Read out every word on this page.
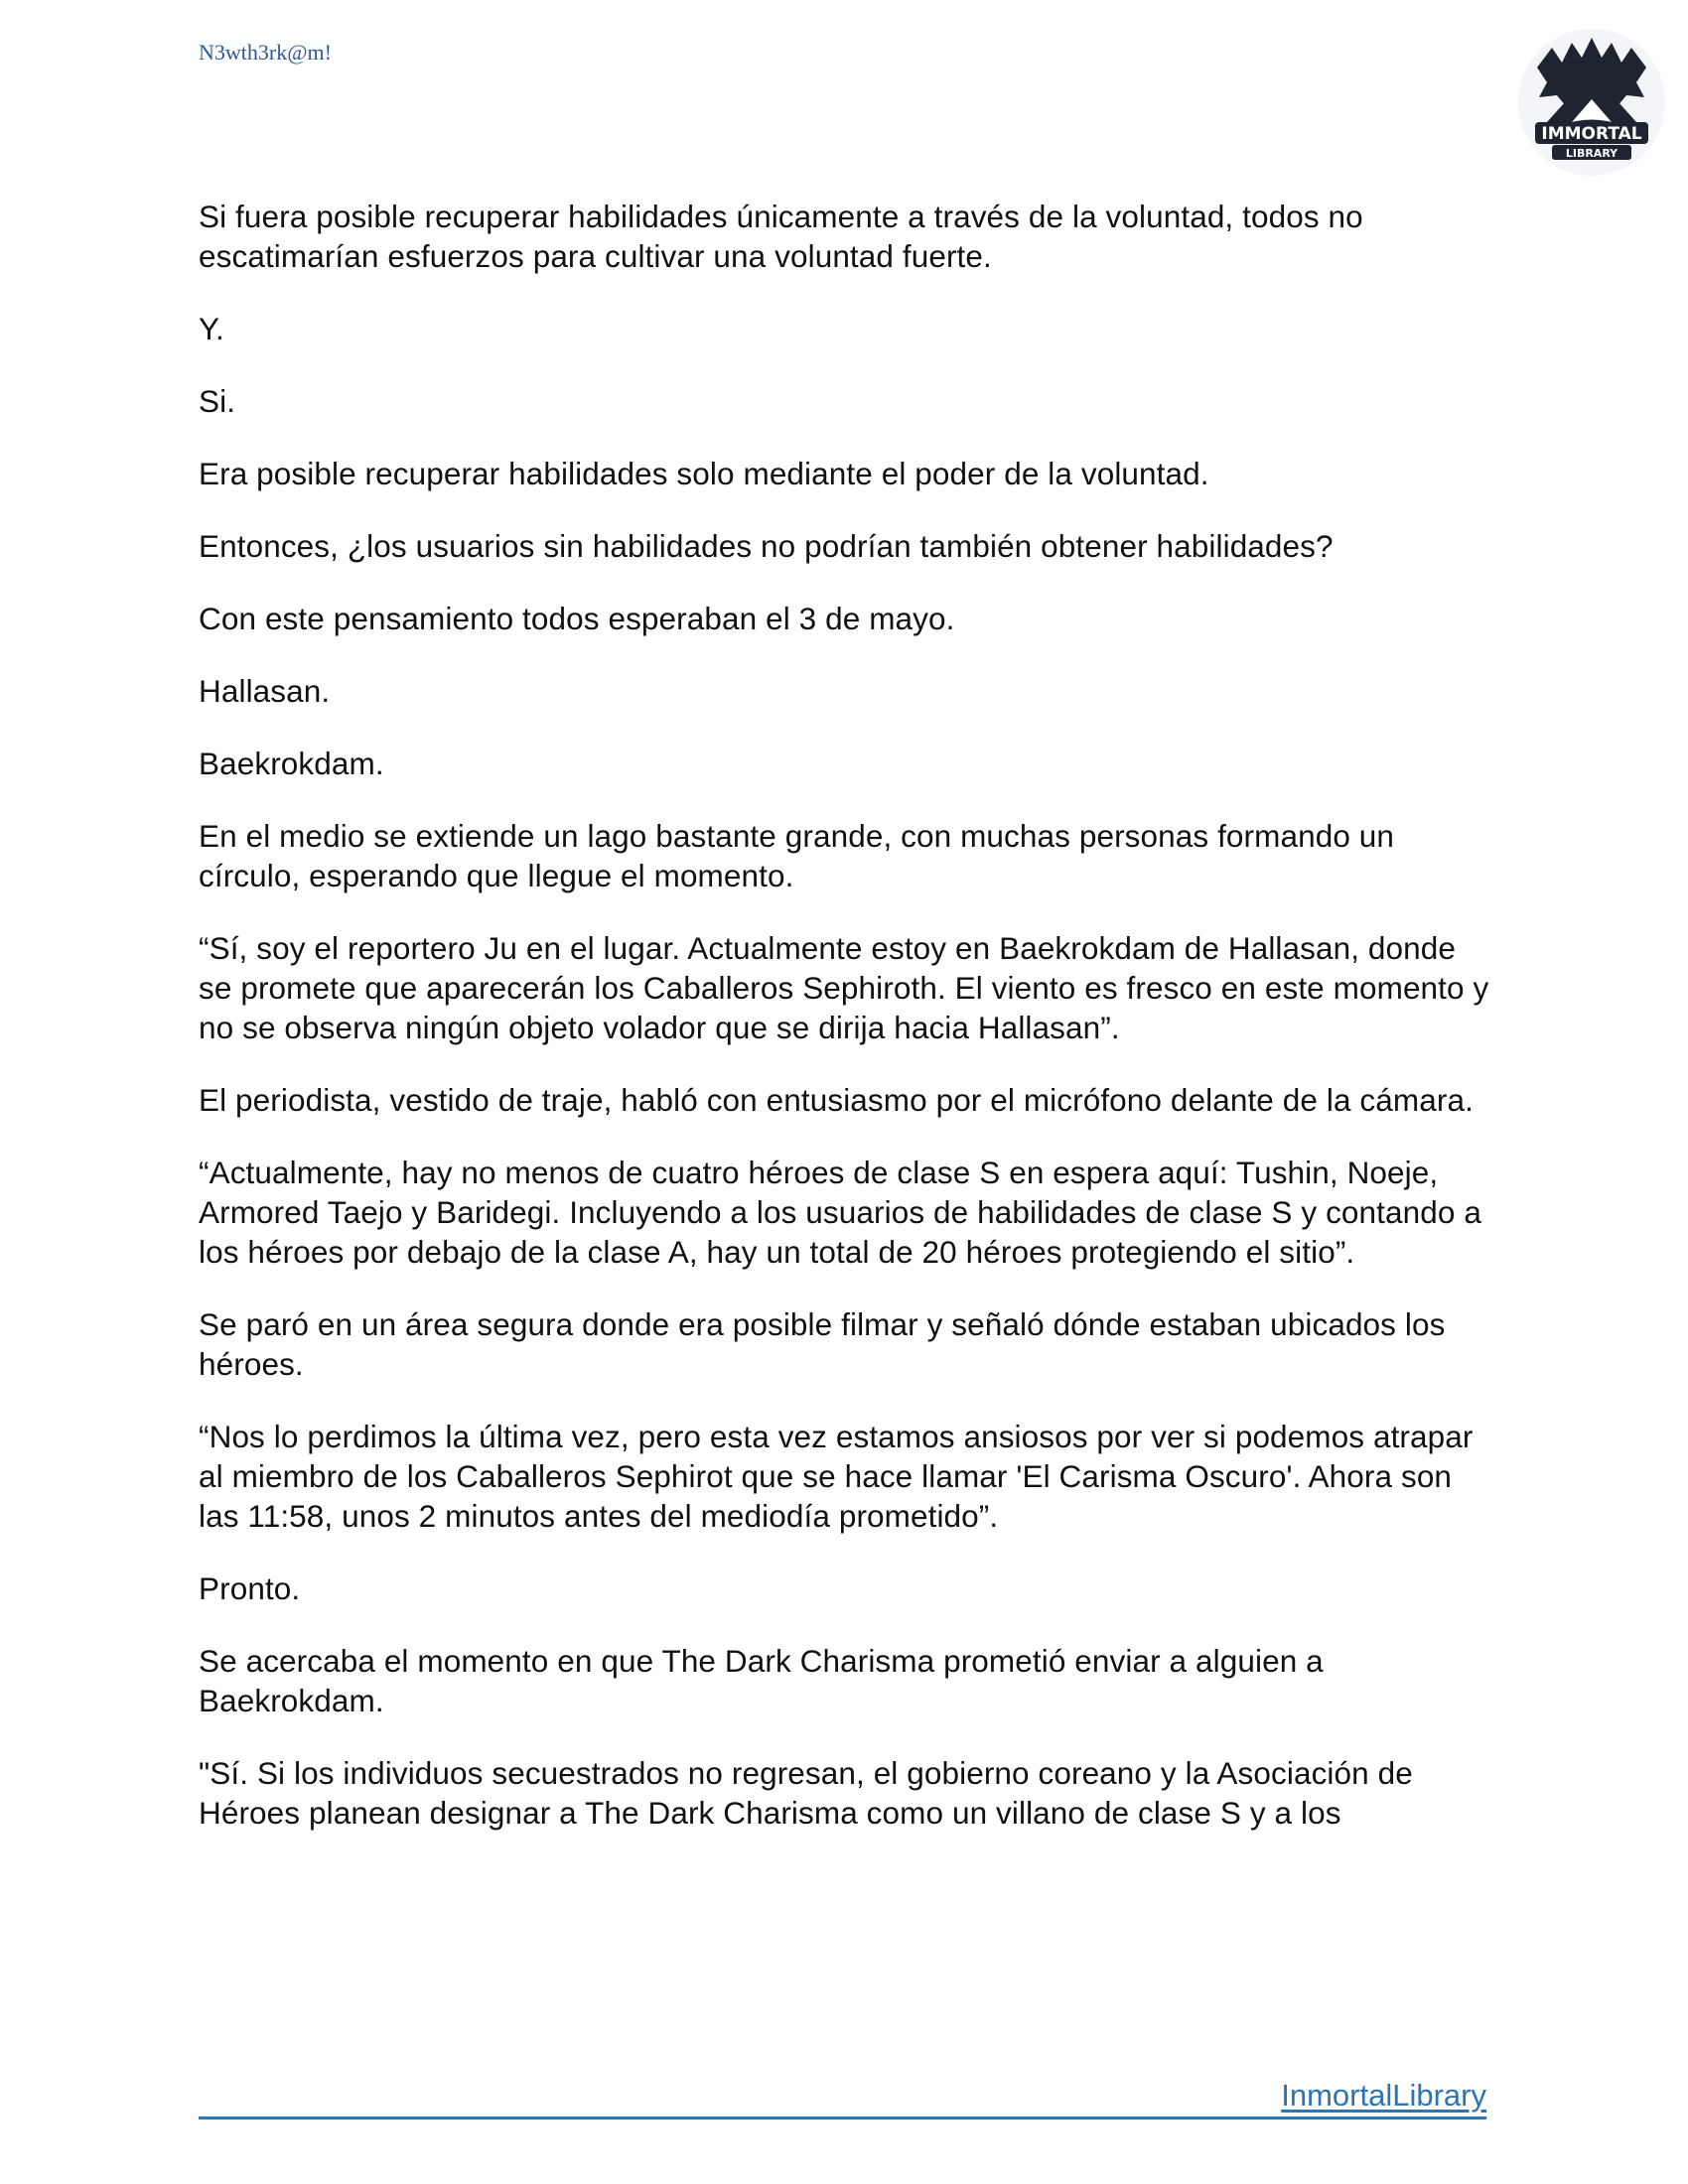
N3wth3rk@m!
IMMORTAL
LIBRARY

Si fuera posible recuperar habilidades únicamente a través de la voluntad, todos no escatimarían esfuerzos para cultivar una voluntad fuerte.

Y.

Si.

Era posible recuperar habilidades solo mediante el poder de la voluntad.

Entonces, ¿los usuarios sin habilidades no podrían también obtener habilidades?

Con este pensamiento todos esperaban el 3 de mayo.

Hallasan.

Baekrokdam.

En el medio se extiende un lago bastante grande, con muchas personas formando un círculo, esperando que llegue el momento.

“Sí, soy el reportero Ju en el lugar. Actualmente estoy en Baekrokdam de Hallasan, donde se promete que aparecerán los Caballeros Sephiroth. El viento es fresco en este momento y no se observa ningún objeto volador que se dirija hacia Hallasan”.

El periodista, vestido de traje, habló con entusiasmo por el micrófono delante de la cámara.

“Actualmente, hay no menos de cuatro héroes de clase S en espera aquí: Tushin, Noeje, Armored Taejo y Baridegi. Incluyendo a los usuarios de habilidades de clase S y contando a los héroes por debajo de la clase A, hay un total de 20 héroes protegiendo el sitio”.

Se paró en un área segura donde era posible filmar y señaló dónde estaban ubicados los héroes.

“Nos lo perdimos la última vez, pero esta vez estamos ansiosos por ver si podemos atrapar al miembro de los Caballeros Sephirot que se hace llamar 'El Carisma Oscuro'. Ahora son las 11:58, unos 2 minutos antes del mediodía prometido”.

Pronto.

Se acercaba el momento en que The Dark Charisma prometió enviar a alguien a Baekrokdam.

"Sí. Si los individuos secuestrados no regresan, el gobierno coreano y la Asociación de Héroes planean designar a The Dark Charisma como un villano de clase S y a los

InmortalLibrary
